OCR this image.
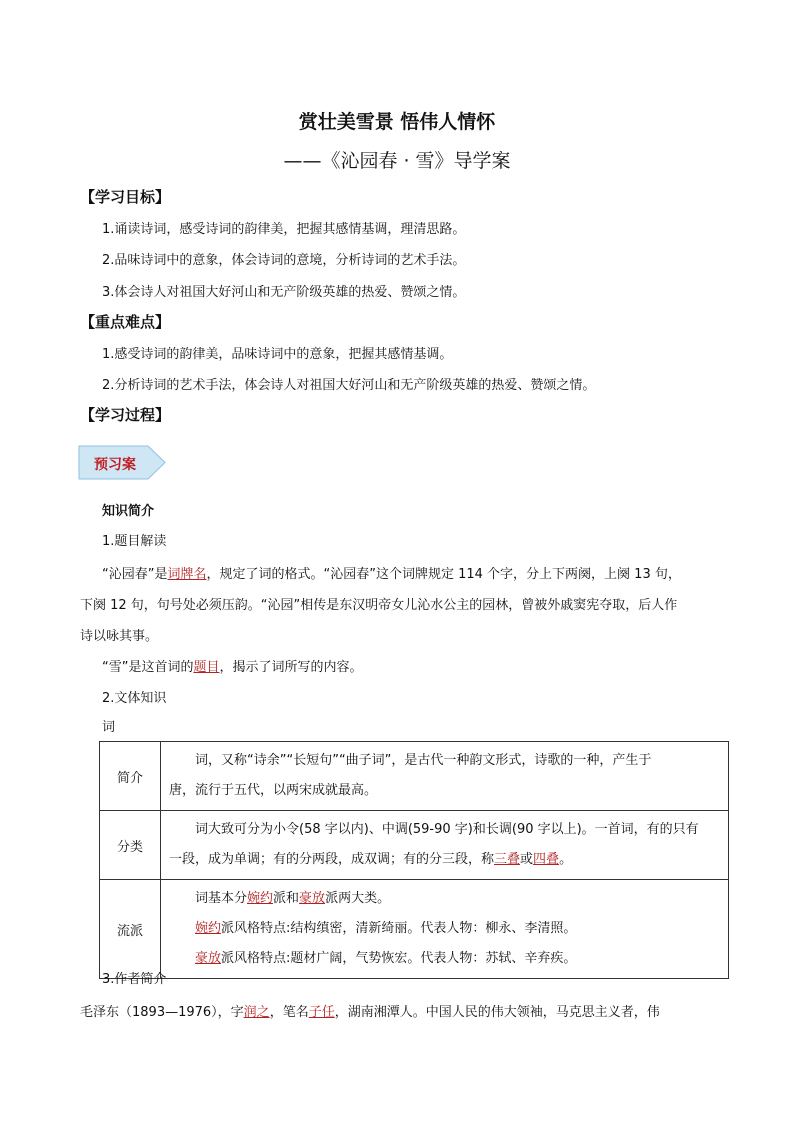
赏壮美雪景 悟伟人情怀
——《沁园春 · 雪》导学案
【学习目标】
1.诵读诗词，感受诗词的韵律美，把握其感情基调，理清思路。
2.品味诗词中的意象，体会诗词的意境，分析诗词的艺术手法。
3.体会诗人对祖国大好河山和无产阶级英雄的热爱、赞颂之情。
【重点难点】
1.感受诗词的韵律美，品味诗词中的意象，把握其感情基调。
2.分析诗词的艺术手法，体会诗人对祖国大好河山和无产阶级英雄的热爱、赞颂之情。
【学习过程】
预习案
知识简介
1.题目解读
“沁园春”是词牌名，规定了词的格式。“沁园春”这个词牌规定 114 个字，分上下两阕，上阕 13 句，
下阕 12 句，句号处必须压韵。“沁园”相传是东汉明帝女儿沁水公主的园林，曾被外戚窦宪夺取，后人作
诗以咏其事。
“雪”是这首词的题目，揭示了词所写的内容。
2.文体知识
词
简介	词，又称“诗余”“长短句”“曲子词”，是古代一种韵文形式，诗歌的一种，产生于
唐，流行于五代，以两宋成就最高。

分类	词大致可分为小令(58 字以内)、中调(59-90 字)和长调(90 字以上)。一首词，有的只有
一段，成为单调；有的分两段，成双调；有的分三段，称三叠或四叠。

流派	词基本分婉约派和豪放派两大类。
婉约派风格特点:结构缜密，清新绮丽。代表人物：柳永、李清照。
豪放派风格特点:题材广阔，气势恢宏。代表人物：苏轼、辛弃疾。
3.作者简介
毛泽东（1893—1976），字润之，笔名子任，湖南湘潭人。中国人民的伟大领袖，马克思主义者，伟
